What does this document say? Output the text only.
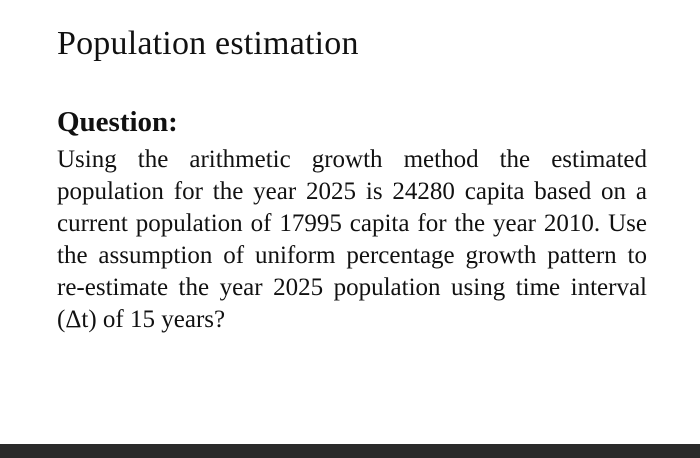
Population estimation
Question:

Using the arithmetic growth method the estimated population for the year 2025 is 24280 capita based on a current population of 17995 capita for the year 2010. Use the assumption of uniform percentage growth pattern to re-estimate the year 2025 population using time interval (Δt) of 15 years?
